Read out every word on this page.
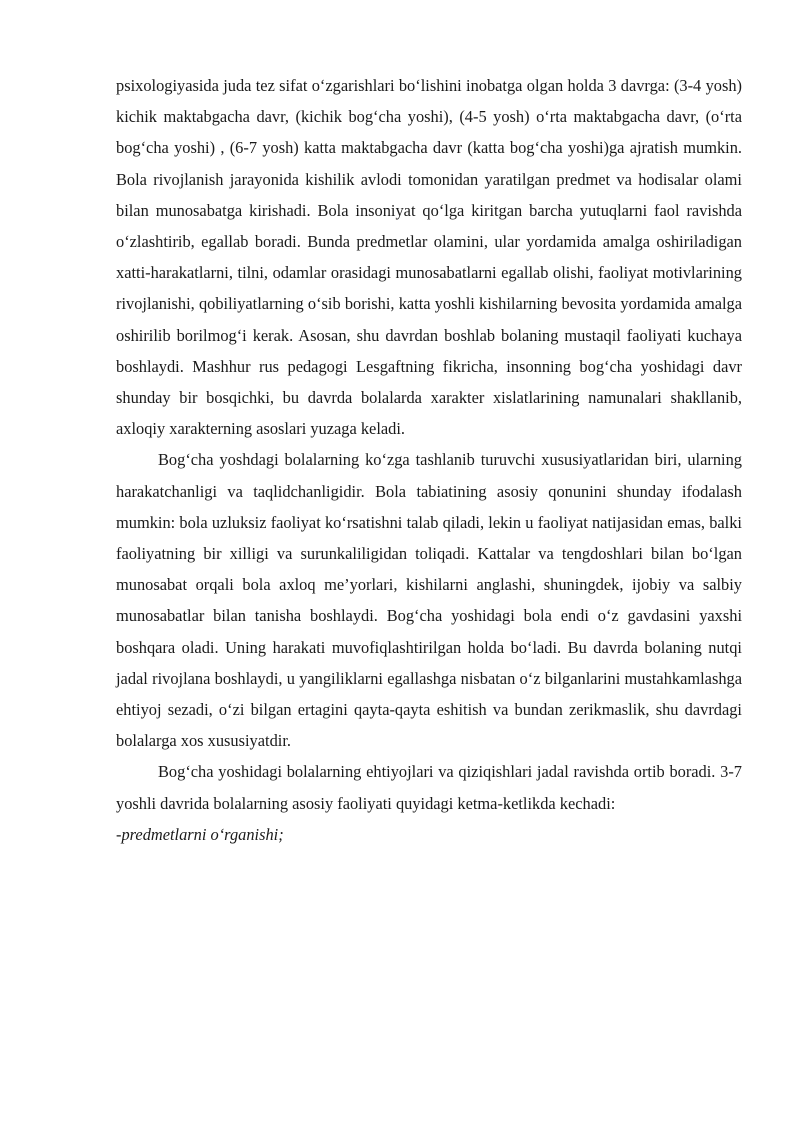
psixologiyasida juda tez sifat o‘zgarishlari bo‘lishini inobatga olgan holda 3 davrga: (3-4 yosh) kichik maktabgacha davr, (kichik bog‘cha yoshi), (4-5 yosh) o‘rta maktabgacha davr, (o‘rta bog‘cha yoshi) , (6-7 yosh) katta maktabgacha davr (katta bog‘cha yoshi)ga ajratish mumkin. Bola rivojlanish jarayonida kishilik avlodi tomonidan yaratilgan predmet va hodisalar olami bilan munosabatga kirishadi. Bola insoniyat qo‘lga kiritgan barcha yutuqlarni faol ravishda o‘zlashtirib, egallab boradi. Bunda predmetlar olamini, ular yordamida amalga oshiriladigan xatti-harakatlarni, tilni, odamlar orasidagi munosabatlarni egallab olishi, faoliyat motivlarining rivojlanishi, qobiliyatlarning o‘sib borishi, katta yoshli kishilarning bevosita yordamida amalga oshirilib borilmog‘i kerak. Asosan, shu davrdan boshlab bolaning mustaqil faoliyati kuchaya boshlaydi. Mashhur rus pedagogi Lesgaftning fikricha, insonning bog‘cha yoshidagi davr shunday bir bosqichki, bu davrda bolalarda xarakter xislatlarining namunalari shakllanib, axloqiy xarakterning asoslari yuzaga keladi.

Bog‘cha yoshdagi bolalarning ko‘zga tashlanib turuvchi xususiyatlaridan biri, ularning harakatchanligi va taqlidchanligidir. Bola tabiatining asosiy qonunini shunday ifodalash mumkin: bola uzluksiz faoliyat ko‘rsatishni talab qiladi, lekin u faoliyat natijasidan emas, balki faoliyatning bir xilligi va surunkaliligidan toliqadi. Kattalar va tengdoshlari bilan bo‘lgan munosabat orqali bola axloq me’yorlari, kishilarni anglashi, shuningdek, ijobiy va salbiy munosabatlar bilan tanisha boshlaydi. Bog‘cha yoshidagi bola endi o‘z gavdasini yaxshi boshqara oladi. Uning harakati muvofiqlashtirilgan holda bo‘ladi. Bu davrda bolaning nutqi jadal rivojlana boshlaydi, u yangiliklarni egallashga nisbatan o‘z bilganlarini mustahkamlashga ehtiyoj sezadi, o‘zi bilgan ertagini qayta-qayta eshitish va bundan zerikmaslik, shu davrdagi bolalarga xos xususiyatdir.

Bog‘cha yoshidagi bolalarning ehtiyojlari va qiziqishlari jadal ravishda ortib boradi. 3-7 yoshli davrida bolalarning asosiy faoliyati quyidagi ketma-ketlikda kechadi:

-predmetlarni o‘rganishi;
